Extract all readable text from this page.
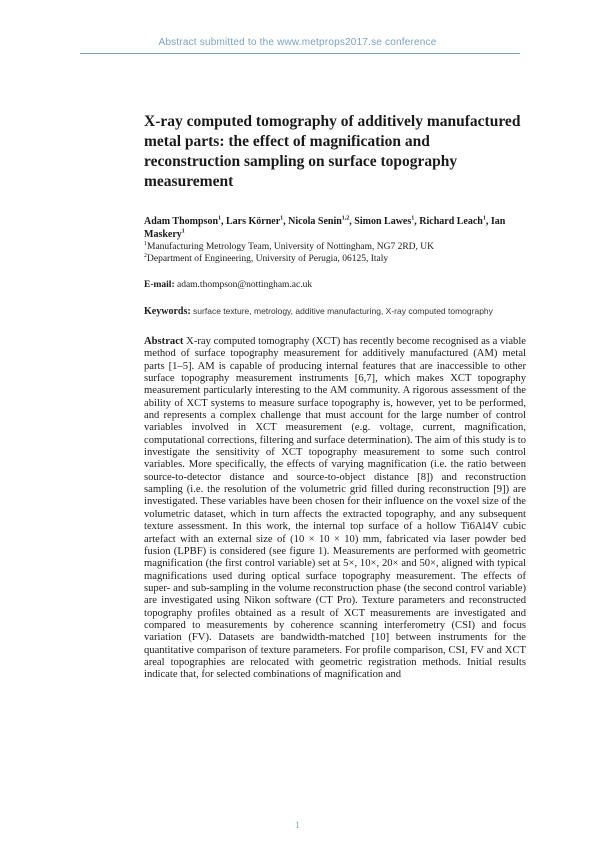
Abstract submitted to the www.metprops2017.se conference
X-ray computed tomography of additively manufactured metal parts: the effect of magnification and reconstruction sampling on surface topography measurement

Adam Thompson$^1$, Lars Körner$^1$, Nicola Senin$^{1,2}$, Simon Lawes$^1$, Richard Leach$^1$, Ian Maskery$^1$

$^1$Manufacturing Metrology Team, University of Nottingham, NG7 2RD, UK

$^2$Department of Engineering, University of Perugia, 06125, Italy

E-mail: adam.thompson@nottingham.ac.uk

Keywords: surface texture, metrology, additive manufacturing, X-ray computed tomography

Abstract X-ray computed tomography (XCT) has recently become recognised as a viable method of surface topography measurement for additively manufactured (AM) metal parts [1–5]. AM is capable of producing internal features that are inaccessible to other surface topography measurement instruments [6,7], which makes XCT topography measurement particularly interesting to the AM community. A rigorous assessment of the ability of XCT systems to measure surface topography is, however, yet to be performed, and represents a complex challenge that must account for the large number of control variables involved in XCT measurement (e.g. voltage, current, magnification, computational corrections, filtering and surface determination). The aim of this study is to investigate the sensitivity of XCT topography measurement to some such control variables. More specifically, the effects of varying magnification (i.e. the ratio between source-to-detector distance and source-to-object distance [8]) and reconstruction sampling (i.e. the resolution of the volumetric grid filled during reconstruction [9]) are investigated. These variables have been chosen for their influence on the voxel size of the volumetric dataset, which in turn affects the extracted topography, and any subsequent texture assessment. In this work, the internal top surface of a hollow Ti6Al4V cubic artefact with an external size of (10 × 10 × 10) mm, fabricated via laser powder bed fusion (LPBF) is considered (see figure 1). Measurements are performed with geometric magnification (the first control variable) set at 5×, 10×, 20× and 50×, aligned with typical magnifications used during optical surface topography measurement. The effects of super- and sub-sampling in the volume reconstruction phase (the second control variable) are investigated using Nikon software (CT Pro). Texture parameters and reconstructed topography profiles obtained as a result of XCT measurements are investigated and compared to measurements by coherence scanning interferometry (CSI) and focus variation (FV). Datasets are bandwidth-matched [10] between instruments for the quantitative comparison of texture parameters. For profile comparison, CSI, FV and XCT areal topographies are relocated with geometric registration methods. Initial results indicate that, for selected combinations of magnification and

1
